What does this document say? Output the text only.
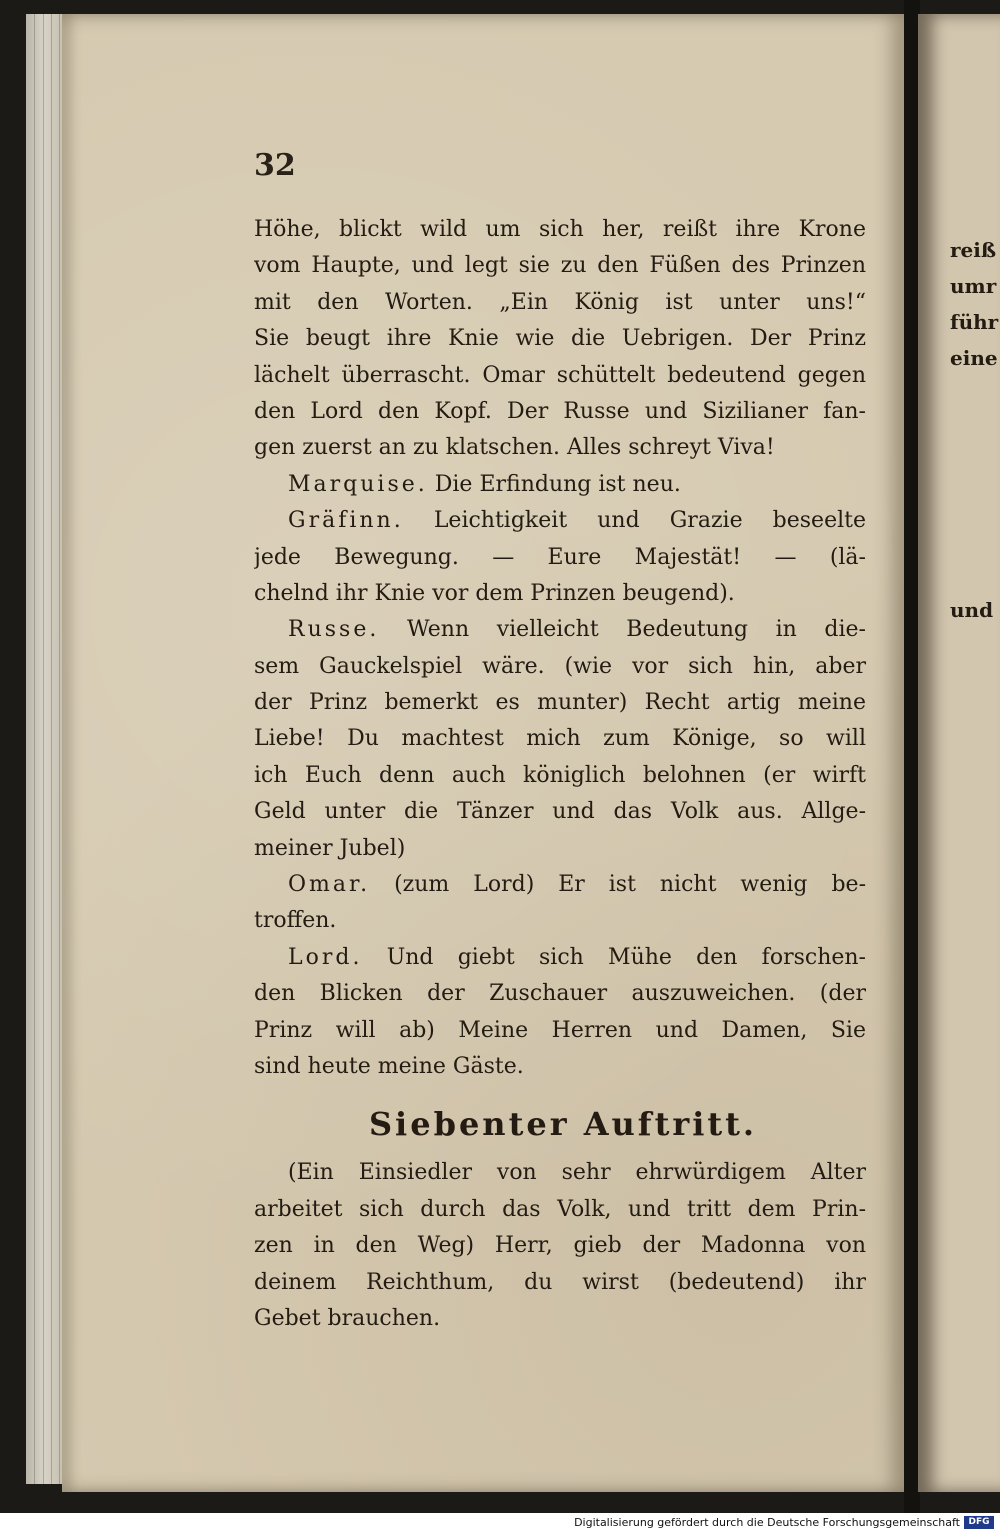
32
Höhe, blickt wild um sich her, reißt ihre Krone
vom Haupte, und legt sie zu den Füßen des Prinzen
mit den Worten. „Ein König ist unter uns!“
Sie beugt ihre Knie wie die Uebrigen. Der Prinz
lächelt überrascht. Omar schüttelt bedeutend gegen
den Lord den Kopf. Der Russe und Sizilianer fan-
gen zuerst an zu klatschen. Alles schreyt Viva!
Marquise. Die Erfindung ist neu.
Gräfinn. Leichtigkeit und Grazie beseelte
jede Bewegung. — Eure Majestät! — (lä-
chelnd ihr Knie vor dem Prinzen beugend).
Russe. Wenn vielleicht Bedeutung in die-
sem Gauckelspiel wäre. (wie vor sich hin, aber
der Prinz bemerkt es munter) Recht artig meine
Liebe! Du machtest mich zum Könige, so will
ich Euch denn auch königlich belohnen (er wirft
Geld unter die Tänzer und das Volk aus. Allge-
meiner Jubel)
Omar. (zum Lord) Er ist nicht wenig be-
troffen.
Lord. Und giebt sich Mühe den forschen-
den Blicken der Zuschauer auszuweichen. (der
Prinz will ab) Meine Herren und Damen, Sie
sind heute meine Gäste.
Siebenter Auftritt.
(Ein Einsiedler von sehr ehrwürdigem Alter
arbeitet sich durch das Volk, und tritt dem Prin-
zen in den Weg) Herr, gieb der Madonna von
deinem Reichthum, du wirst (bedeutend) ihr
Gebet brauchen.
reiß
umr
führ
eine
und
Digitalisierung gefördert durch die Deutsche Forschungsgemeinschaft DFG
